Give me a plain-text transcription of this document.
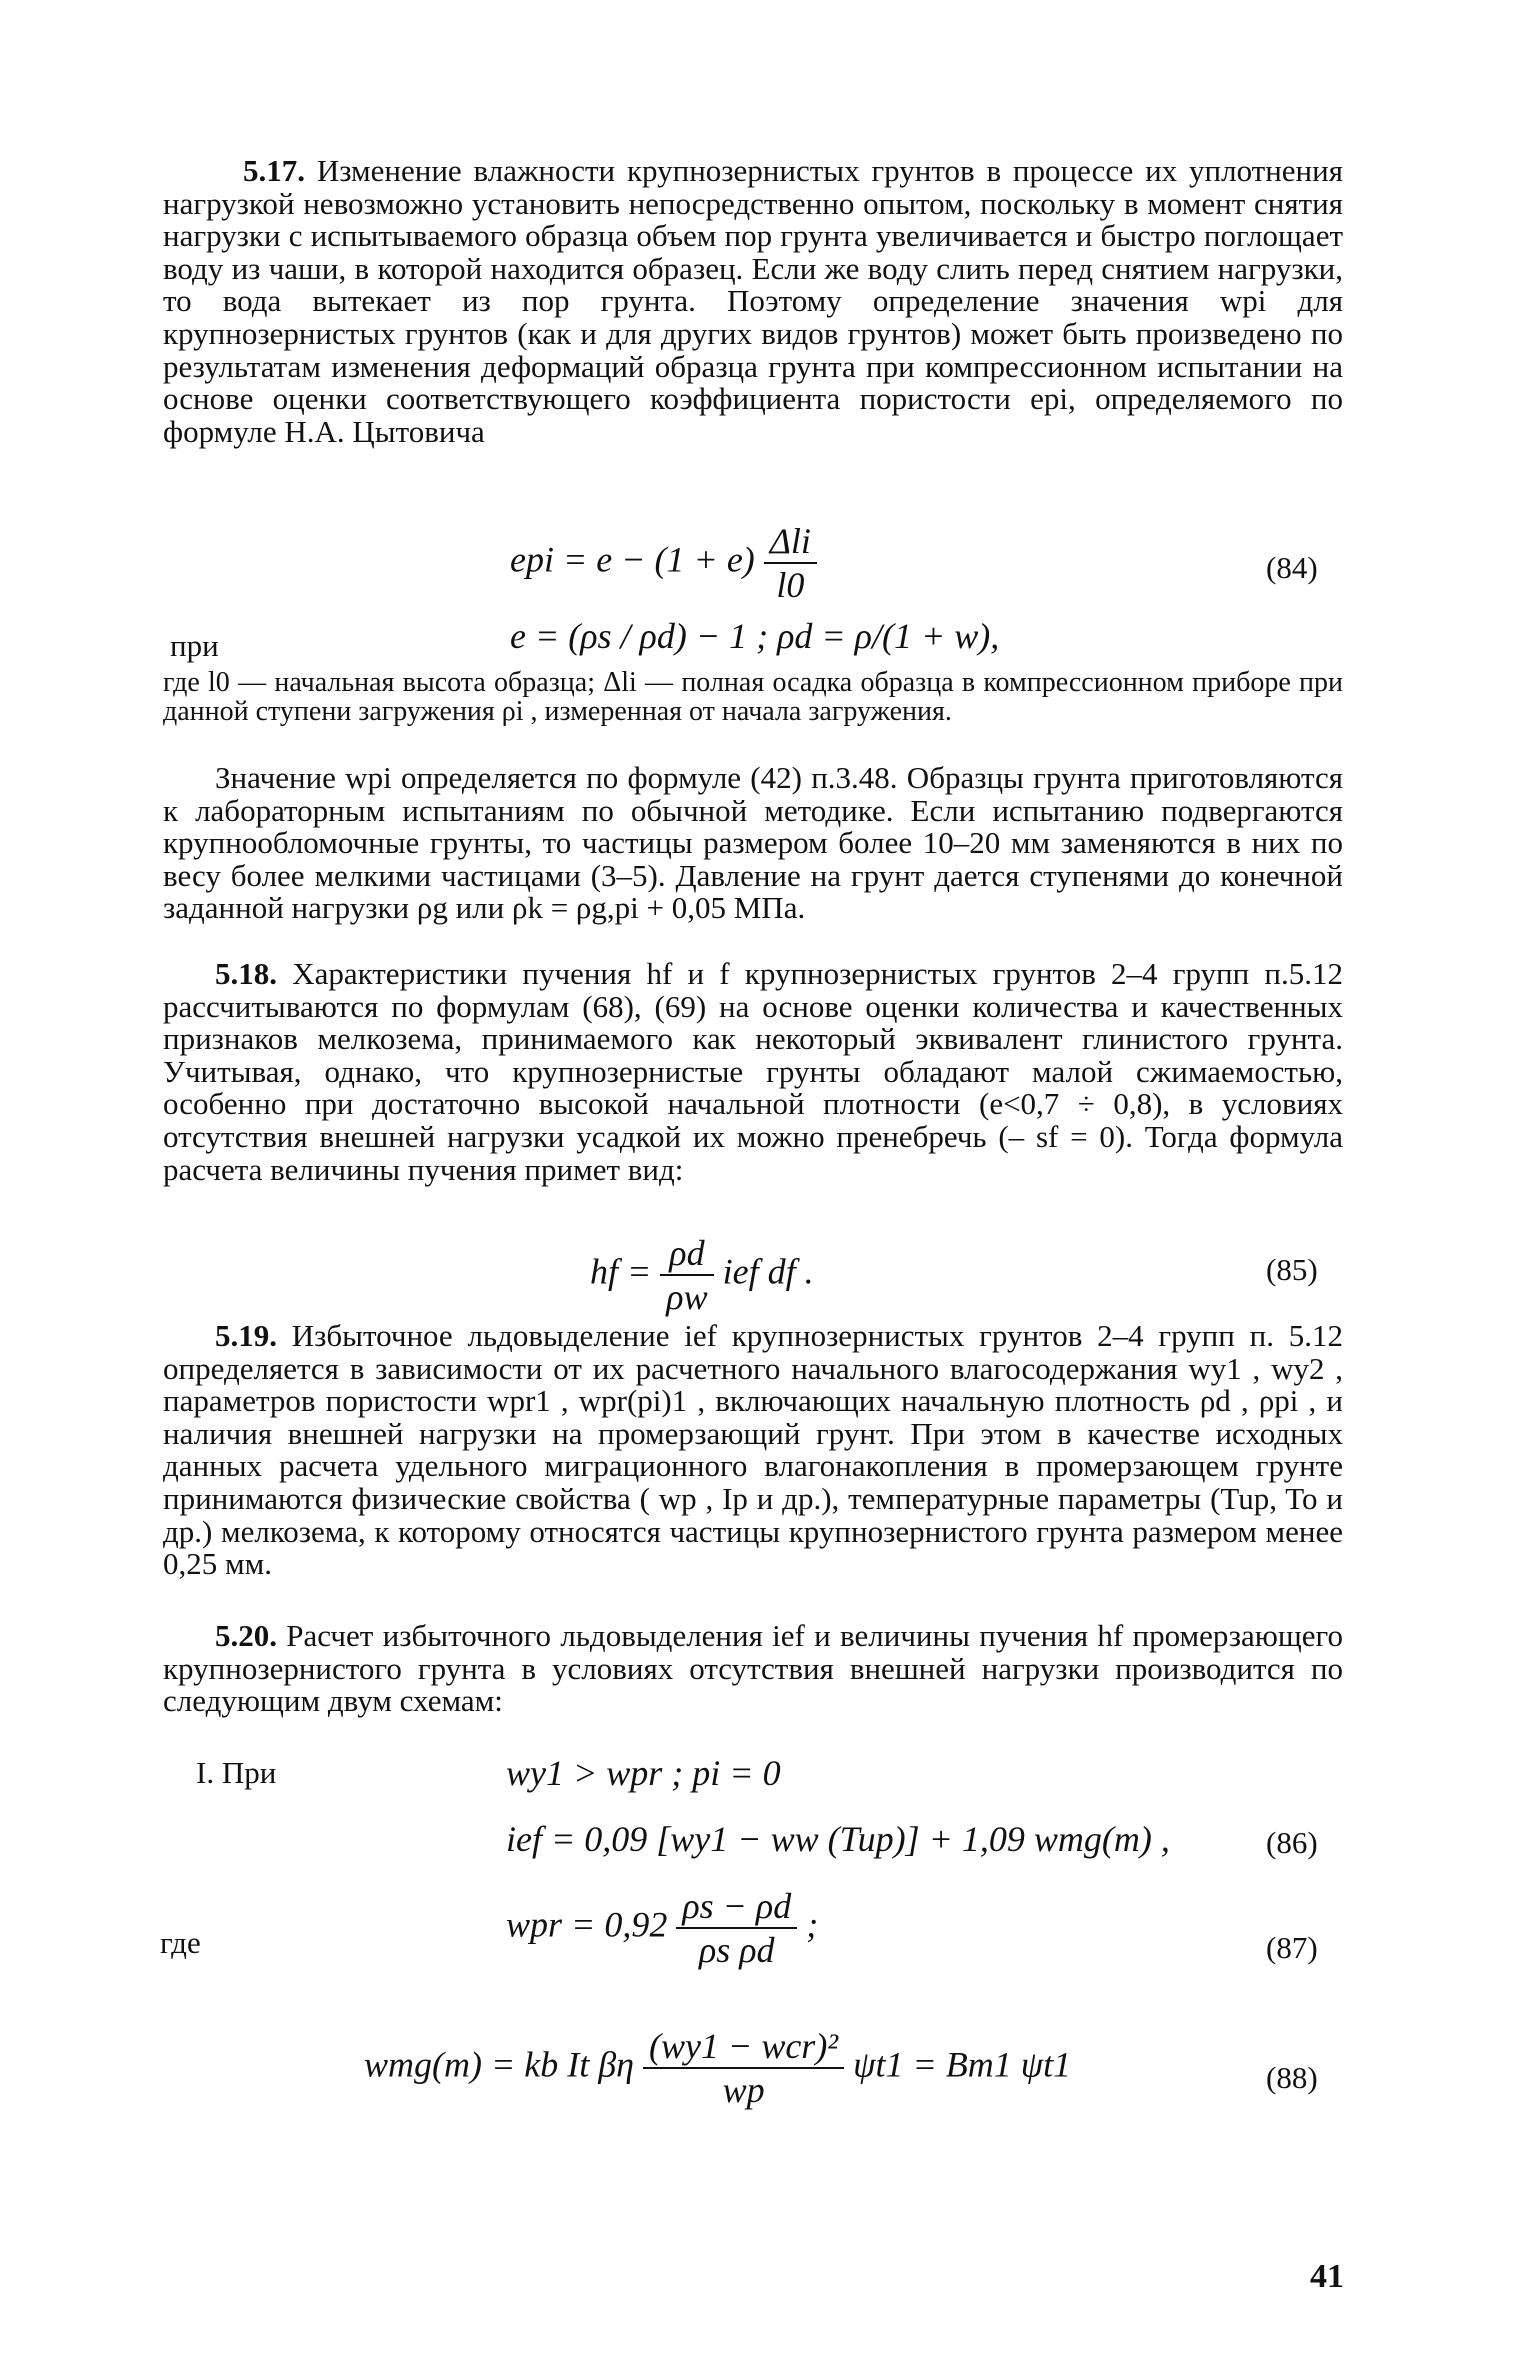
5.17. Изменение влажности крупнозернистых грунтов в процессе их уплотнения нагрузкой невозможно установить непосредственно опытом, поскольку в момент снятия нагрузки с испытываемого образца объем пор грунта увеличивается и быстро поглощает воду из чаши, в которой находится образец. Если же воду слить перед снятием нагрузки, то вода вытекает из пор грунта. Поэтому определение значения wpi для крупнозернистых грунтов (как и для других видов грунтов) может быть произведено по результатам изменения деформаций образца грунта при компрессионном испытании на основе оценки соответствующего коэффициента пористости epi, определяемого по формуле Н.А. Цытовича
epi = $e - (1 + e) \frac{\text{Δli}}{l0}$	(84)
при	e = (ρs / ρd) − 1 ; ρd = ρ/(1 + w),
где l0 — начальная высота образца; Δli — полная осадка образца в компрессионном приборе при данной ступени загружения ρi , измеренная от начала загружения.
Значение wpi определяется по формуле (42) п.3.48. Образцы грунта приготовляются к лабораторным испытаниям по обычной методике. Если испытанию подвергаются крупнообломочные грунты, то частицы размером более 10–20 мм заменяются в них по весу более мелкими частицами (3–5). Давление на грунт дается ступенями до конечной заданной нагрузки ρg или ρk = ρg,pi + 0,05 МПа.
5.18. Характеристики пучения hf и f крупнозернистых грунтов 2–4 групп п.5.12 рассчитываются по формулам (68), (69) на основе оценки количества и качественных признаков мелкозема, принимаемого как некоторый эквивалент глинистого грунта. Учитывая, однако, что крупнозернистые грунты обладают малой сжимаемостью, особенно при достаточно высокой начальной плотности (e<0,7 ÷ 0,8), в условиях отсутствия внешней нагрузки усадкой их можно пренебречь (– sf = 0). Тогда формула расчета величины пучения примет вид:
hf = $\frac{\rho d}{\rho w}$ ief df .	(85)
5.19. Избыточное льдовыделение ief крупнозернистых грунтов 2–4 групп п. 5.12 определяется в зависимости от их расчетного начального влагосодержания wy1 , wy2 , параметров пористости wpr1 , wpr(pi)1 , включающих начальную плотность ρd , ρpi , и наличия внешней нагрузки на промерзающий грунт. При этом в качестве исходных данных расчета удельного миграционного влагонакопления в промерзающем грунте принимаются физические свойства ( wp , Ip и др.), температурные параметры (Tup, To и др.) мелкозема, к которому относятся частицы крупнозернистого грунта размером менее 0,25 мм.
5.20. Расчет избыточного льдовыделения ief и величины пучения hf промерзающего крупнозернистого грунта в условиях отсутствия внешней нагрузки производится по следующим двум схемам:
I. При	wy1 > wpr ; pi = 0
ief = 0,09 [wy1 − ww (Tup)] + 1,09 wmg(m) ,	(86)
где	wpr = $0,92 \frac{\rho s - \rho d}{\text{ρs ρd}}$ ;
(87)
wmg(m) = kb It βη $\frac{\text{(wy1 − wcr)²}}{wp} \psi t1 = Bm1$ ψt1	(88)
41
